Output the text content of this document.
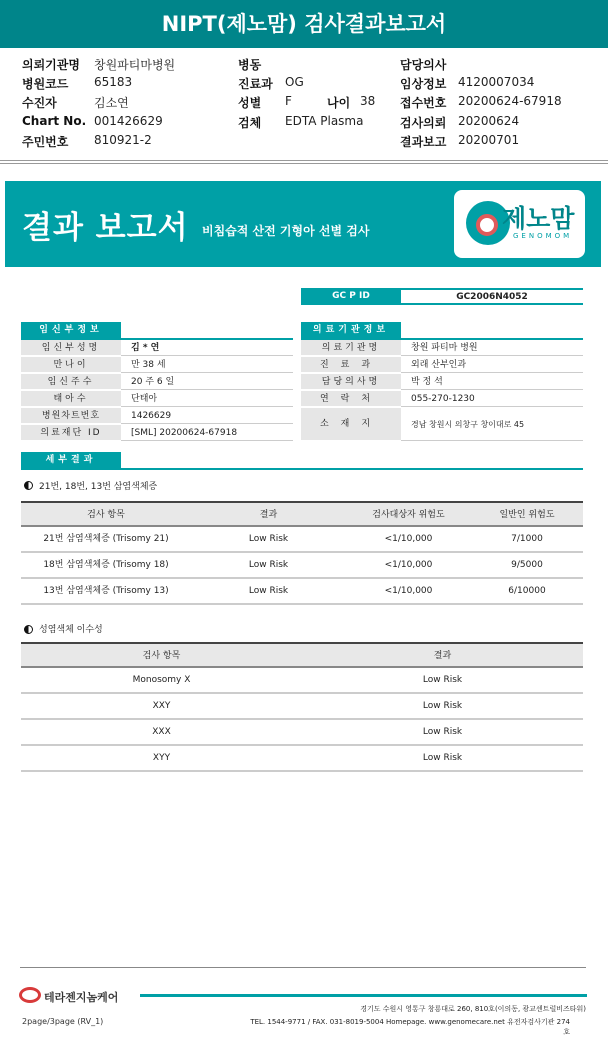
NIPT(제노맘) 검사결과보고서
의뢰기관명 창원파티마병원
병원코드 65183
수진자	김소연
Chart No. 001426629
주민번호 810921-2
병동
진료과 OG
성별 F	나이 38
검체 EDTA Plasma
담당의사
임상정보 4120007034
접수번호 20200624-67918
검사의뢰 20200624
결과보고 20200701
결과 보고서 비침습적 산전 기형아 선별 검사	제노맘
GENOMOM
GC P ID	GC2006N4052
임신부정보
임신부성명	김 * 연
만나이	만 38 세
임신주수	20 주 6 일
태아수	단태아
병원차트번호	1426629
의료재단 ID	[SML] 20200624-67918
의료기관정보
의료기관명	창원 파티마 병원
진료과	외래 산부인과
담당의사명	박 정 석
연락처	055-270-1230
소재지	경남 창원시 의창구 창이대로 45
세부결과
21번, 18번, 13번 삼염색체증
검사 항목	결과	검사대상자 위험도	일반인 위험도
21번 삼염색체증 (Trisomy 21)	Low Risk	<1/10,000	7/1000
18번 삼염색체증 (Trisomy 18)	Low Risk	<1/10,000	9/5000
13번 삼염색체증 (Trisomy 13)	Low Risk	<1/10,000	6/10000
성염색체 이수성
검사 항목	결과
Monosomy X	Low Risk
XXY	Low Risk
XXX	Low Risk
XYY	Low Risk
테라젠지놈케어
경기도 수원시 영통구 창룡대로 260, 810호(이의동, 광교센트럴비즈타워)
TEL. 1544-9771 / FAX. 031-8019-5004 Homepage. www.genomecare.net 유전자검사기관 274호
2page/3page (RV_1)
